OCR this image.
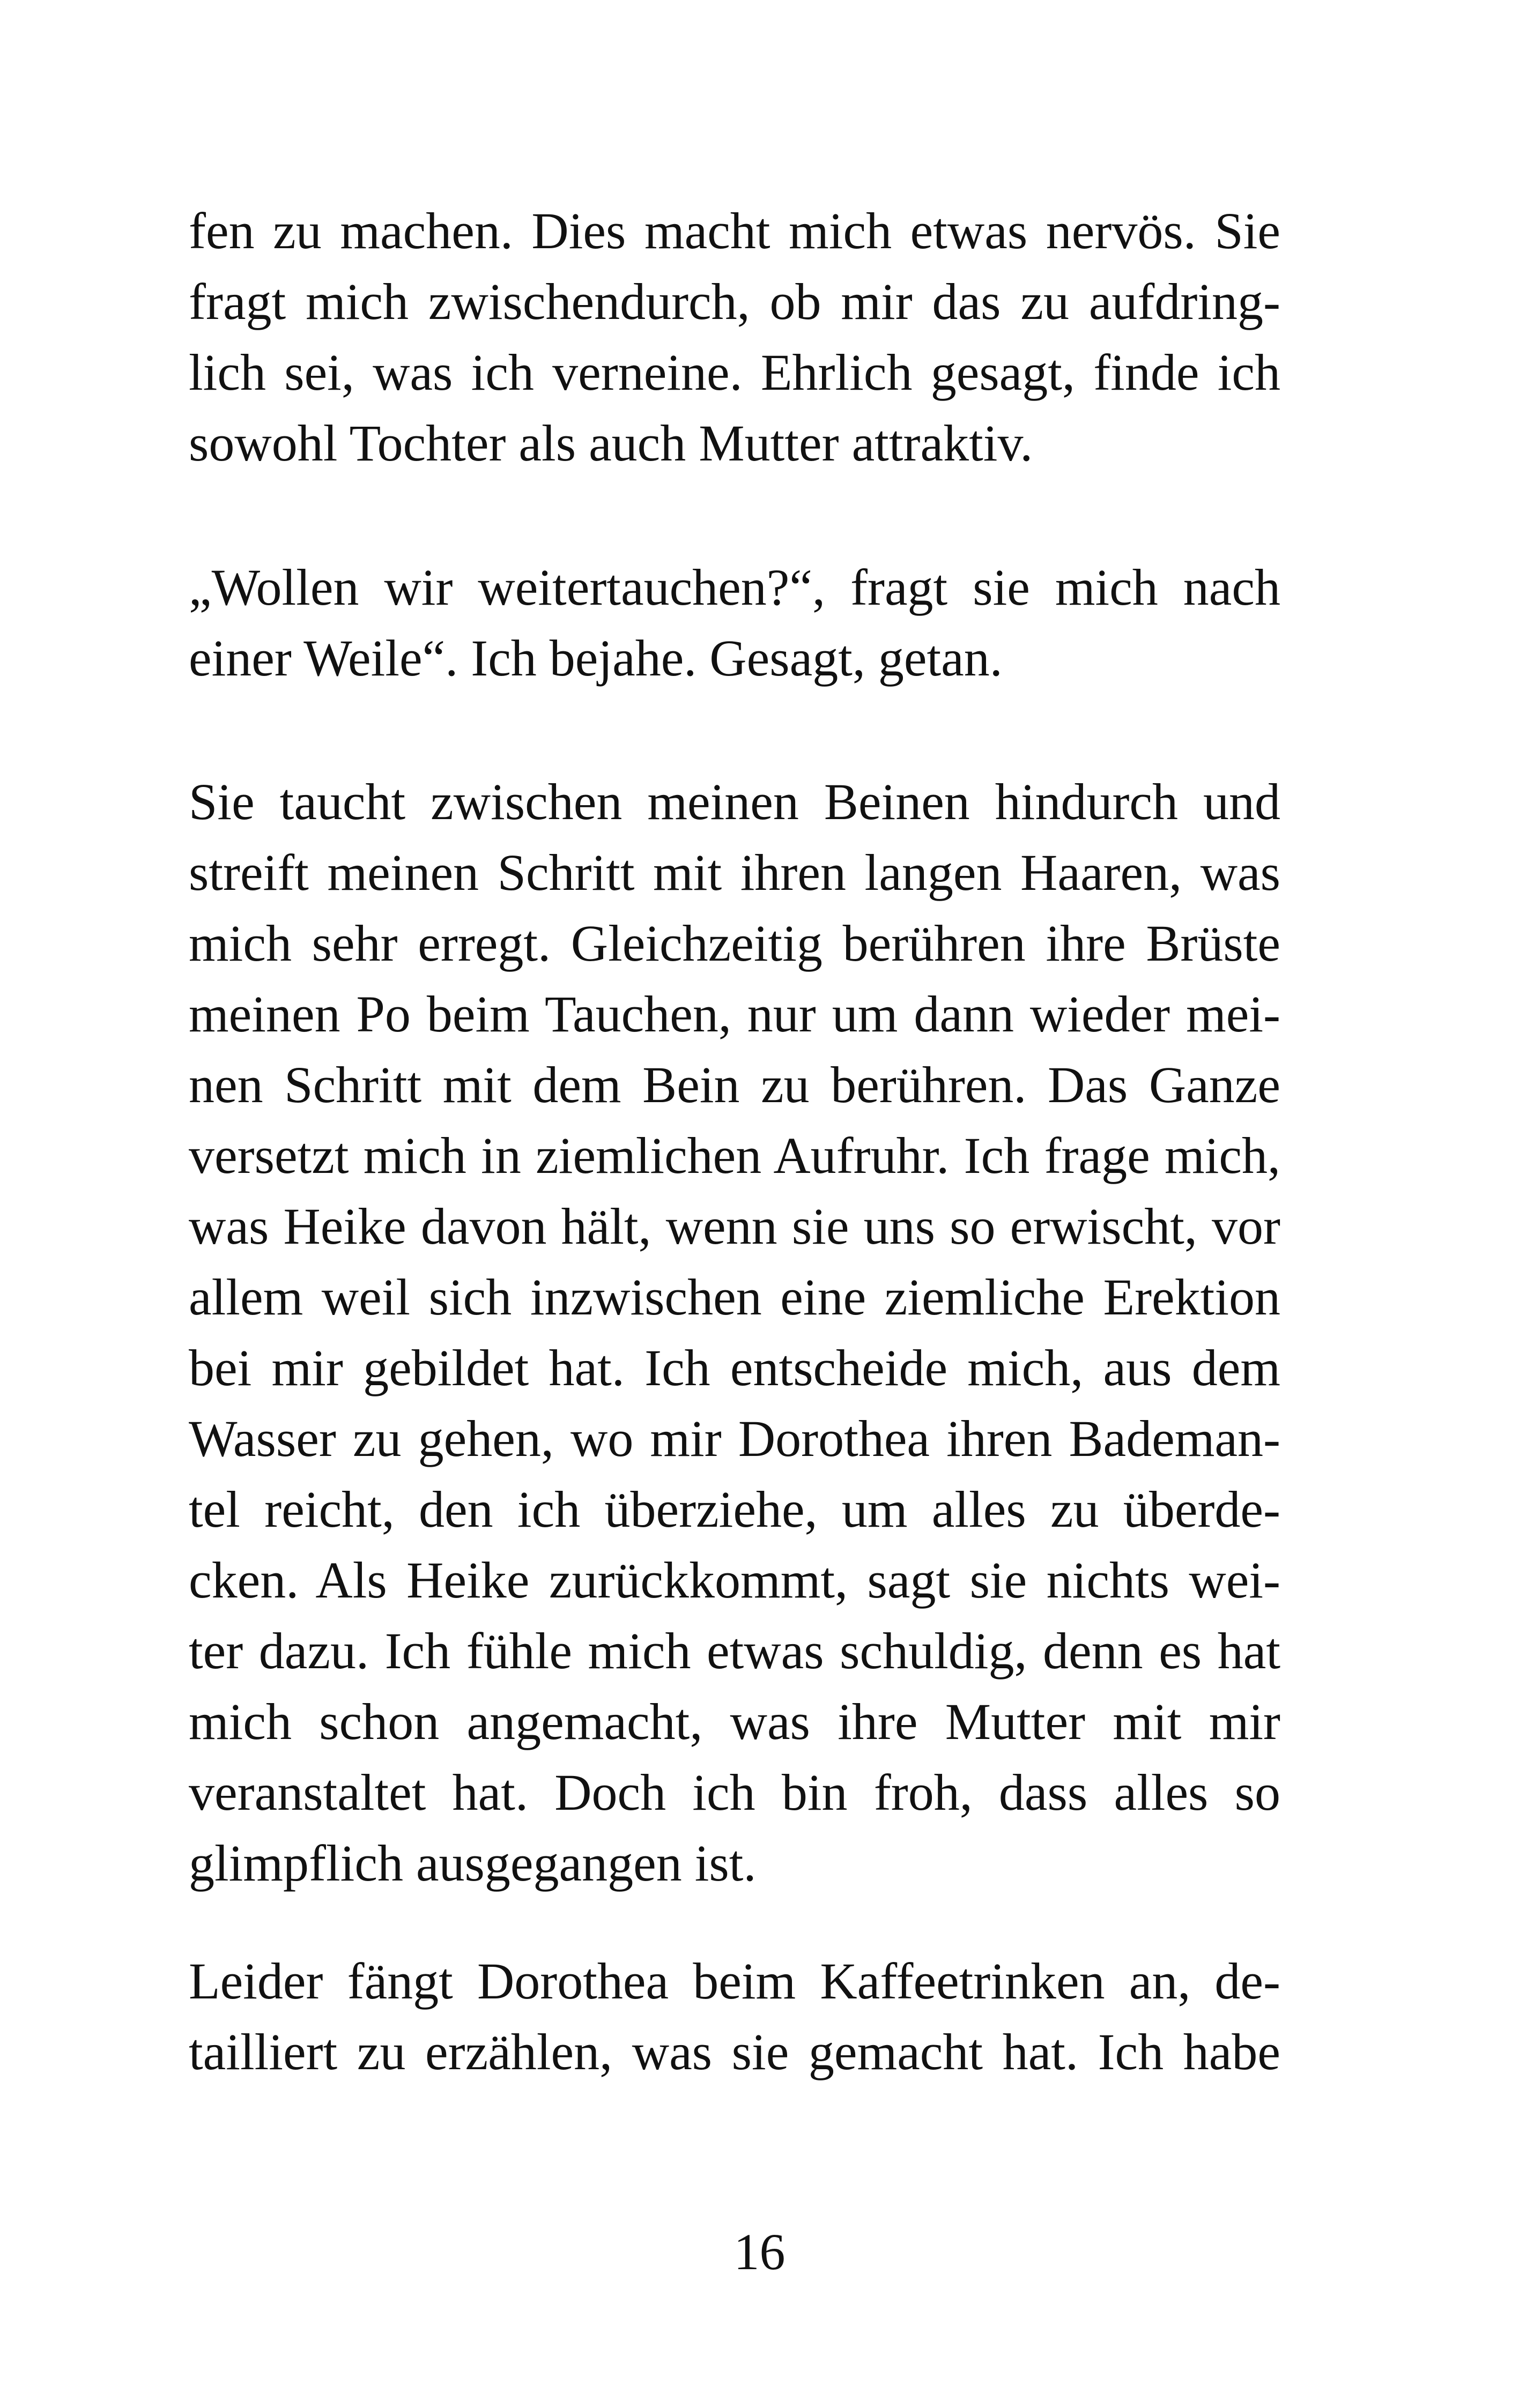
fen zu machen. Dies macht mich etwas nervös. Sie
fragt mich zwischendurch, ob mir das zu aufdring-
lich sei, was ich verneine. Ehrlich gesagt, finde ich
sowohl Tochter als auch Mutter attraktiv.
„Wollen wir weitertauchen?“, fragt sie mich nach
einer Weile“. Ich bejahe. Gesagt, getan.
Sie taucht zwischen meinen Beinen hindurch und
streift meinen Schritt mit ihren langen Haaren, was
mich sehr erregt. Gleichzeitig berühren ihre Brüste
meinen Po beim Tauchen, nur um dann wieder mei-
nen Schritt mit dem Bein zu berühren. Das Ganze
versetzt mich in ziemlichen Aufruhr. Ich frage mich,
was Heike davon hält, wenn sie uns so erwischt, vor
allem weil sich inzwischen eine ziemliche Erektion
bei mir gebildet hat. Ich entscheide mich, aus dem
Wasser zu gehen, wo mir Dorothea ihren Bademan-
tel reicht, den ich überziehe, um alles zu überde-
cken. Als Heike zurückkommt, sagt sie nichts wei-
ter dazu. Ich fühle mich etwas schuldig, denn es hat
mich schon angemacht, was ihre Mutter mit mir
veranstaltet hat. Doch ich bin froh, dass alles so
glimpflich ausgegangen ist.
Leider fängt Dorothea beim Kaffeetrinken an, de-
tailliert zu erzählen, was sie gemacht hat. Ich habe
16
